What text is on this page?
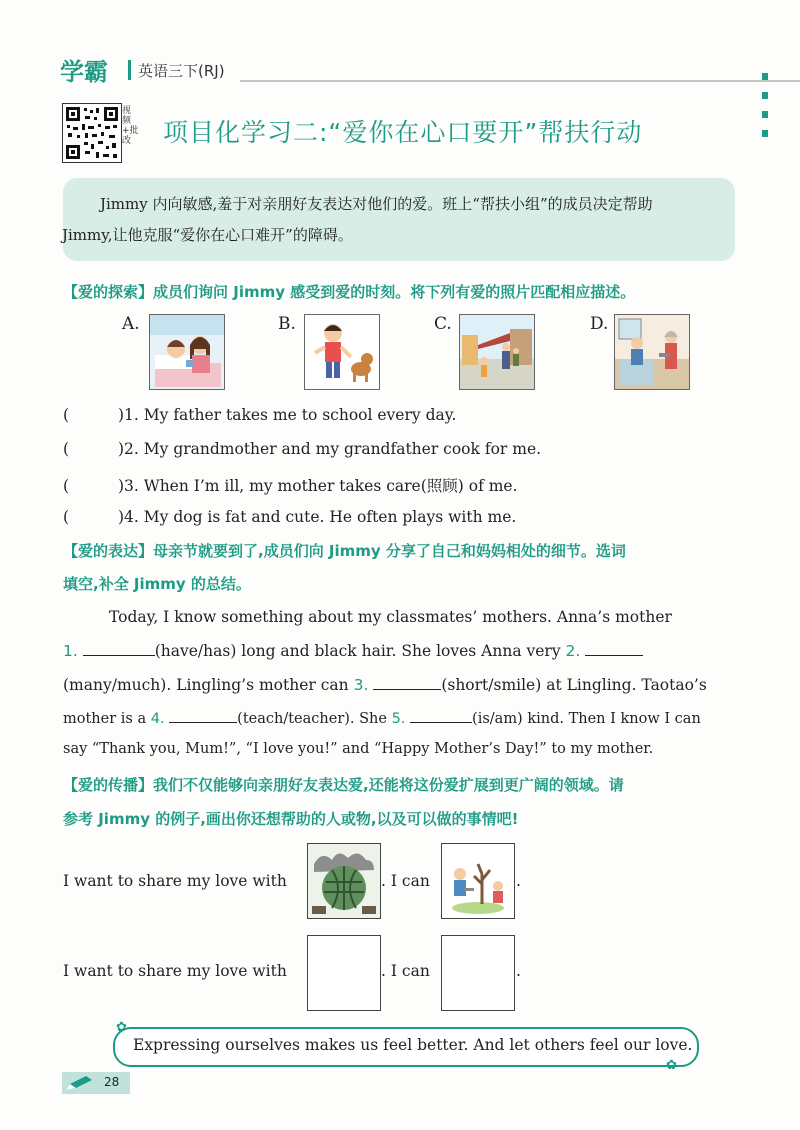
学霸 英语三下(RJ)
视频+批改 项目化学习二:“爱你在心口要开”帮扶行动
Jimmy 内向敏感,羞于对亲朋好友表达对他们的爱。班上“帮扶小组”的成员决定帮助 Jimmy,让他克服“爱你在心口难开”的障碍。
【爱的探索】成员们询问 Jimmy 感受到爱的时刻。将下列有爱的照片匹配相应描述。
A.	B.	C.	D.
(	)1. My father takes me to school every day.
(	)2. My grandmother and my grandfather cook for me.
(	)3. When I’m ill, my mother takes care(照顾) of me.
(	)4. My dog is fat and cute. He often plays with me.
【爱的表达】母亲节就要到了,成员们向 Jimmy 分享了自己和妈妈相处的细节。选词
填空,补全 Jimmy 的总结。
Today, I know something about my classmates’ mothers. Anna’s mother
1.	(have/has) long and black hair. She loves Anna very 2.
(many/much). Lingling’s mother can 3.	(short/smile) at Lingling. Taotao’s
mother is a 4.	(teach/teacher). She 5.	(is/am) kind. Then I know I can
say “Thank you, Mum!”, “I love you!” and “Happy Mother’s Day!” to my mother.
【爱的传播】我们不仅能够向亲朋好友表达爱,还能将这份爱扩展到更广阔的领域。请
参考 Jimmy 的例子,画出你还想帮助的人或物,以及可以做的事情吧!
I want to share my love with	. I can	.
I want to share my love with	. I can	.
✿
✿
Expressing ourselves makes us feel better. And let others feel our love.
28
